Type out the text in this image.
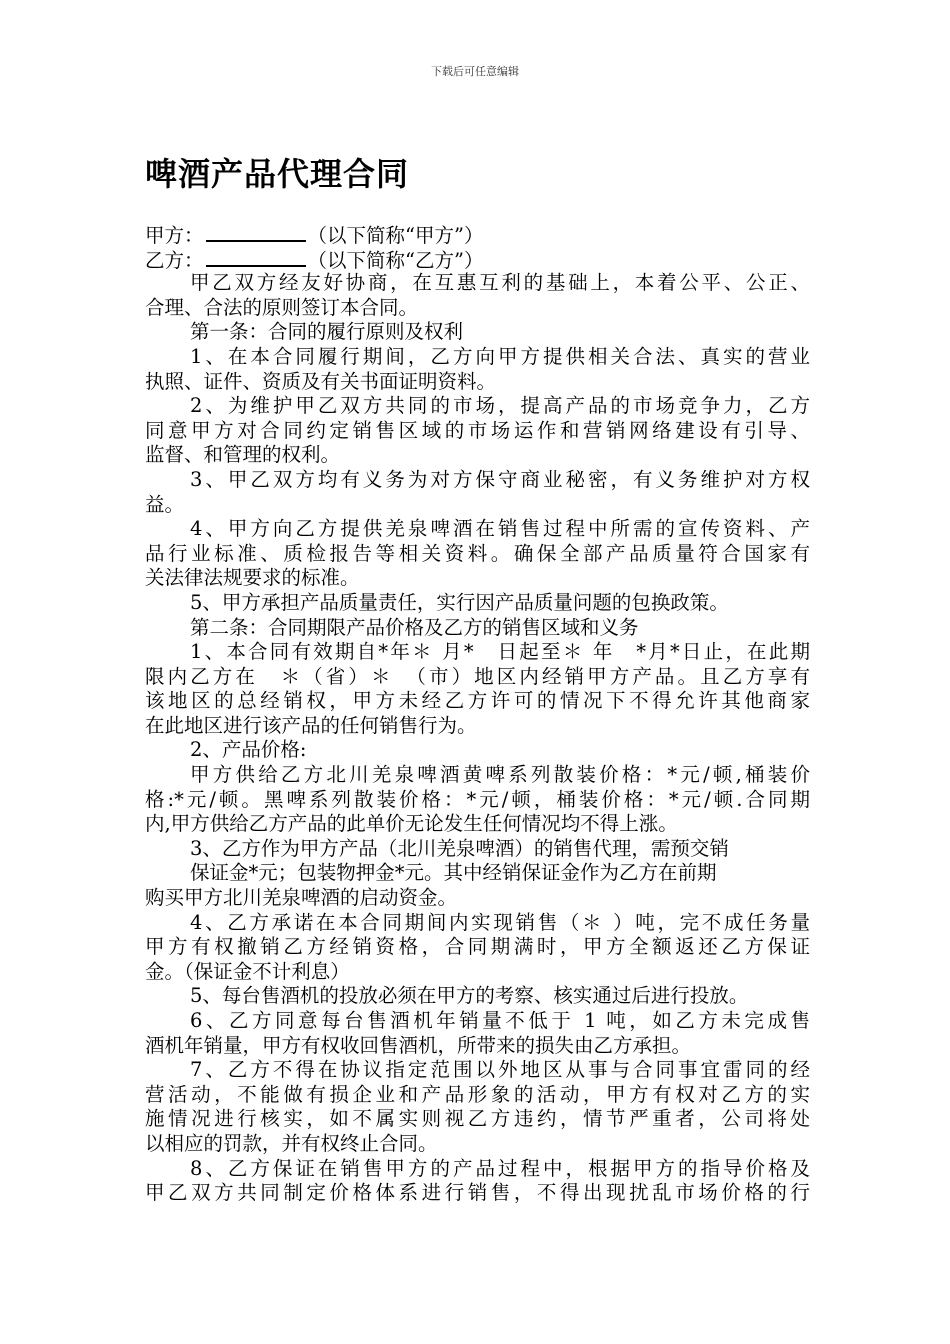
下载后可任意编辑
啤酒产品代理合同
甲方：	（以下简称“甲方”）
乙方：	（以下简称“乙方”）
甲乙双方经友好协商，在互惠互利的基础上，本着公平、公正、
合理、合法的原则签订本合同。
第一条：合同的履行原则及权利
1、在本合同履行期间，乙方向甲方提供相关合法、真实的营业
执照、证件、资质及有关书面证明资料。
2、为维护甲乙双方共同的市场，提高产品的市场竞争力，乙方
同意甲方对合同约定销售区域的市场运作和营销网络建设有引导、
监督、和管理的权利。
3、甲乙双方均有义务为对方保守商业秘密，有义务维护对方权
益。
4、甲方向乙方提供羌泉啤酒在销售过程中所需的宣传资料、产
品行业标准、质检报告等相关资料。确保全部产品质量符合国家有
关法律法规要求的标准。
5、甲方承担产品质量责任，实行因产品质量问题的包换政策。
第二条：合同期限产品价格及乙方的销售区域和义务
1、本合同有效期自*年＊ 月*　日起至＊ 年　*月*日止，在此期
限内乙方在　＊（省）＊　（市）地区内经销甲方产品。且乙方享有
该地区的总经销权，甲方未经乙方许可的情况下不得允许其他商家
在此地区进行该产品的任何销售行为。
2、产品价格:
甲方供给乙方北川羌泉啤酒黄啤系列散装价格：*元/顿,桶装价
格:*元/顿。黑啤系列散装价格：*元/顿，桶装价格：*元/顿.合同期
内,甲方供给乙方产品的此单价无论发生任何情况均不得上涨。
3、乙方作为甲方产品（北川羌泉啤酒）的销售代理，需预交销
保证金*元；包装物押金*元。其中经销保证金作为乙方在前期
购买甲方北川羌泉啤酒的启动资金。
4、乙方承诺在本合同期间内实现销售（＊ ）吨，完不成任务量
甲方有权撤销乙方经销资格，合同期满时，甲方全额返还乙方保证
金。（保证金不计利息）
5、每台售酒机的投放必须在甲方的考察、核实通过后进行投放。
6、乙方同意每台售酒机年销量不低于 1 吨，如乙方未完成售
酒机年销量，甲方有权收回售酒机，所带来的损失由乙方承担。
7、乙方不得在协议指定范围以外地区从事与合同事宜雷同的经
营活动，不能做有损企业和产品形象的活动，甲方有权对乙方的实
施情况进行核实，如不属实则视乙方违约，情节严重者，公司将处
以相应的罚款，并有权终止合同。
8、乙方保证在销售甲方的产品过程中，根据甲方的指导价格及
甲乙双方共同制定价格体系进行销售，不得出现扰乱市场价格的行
